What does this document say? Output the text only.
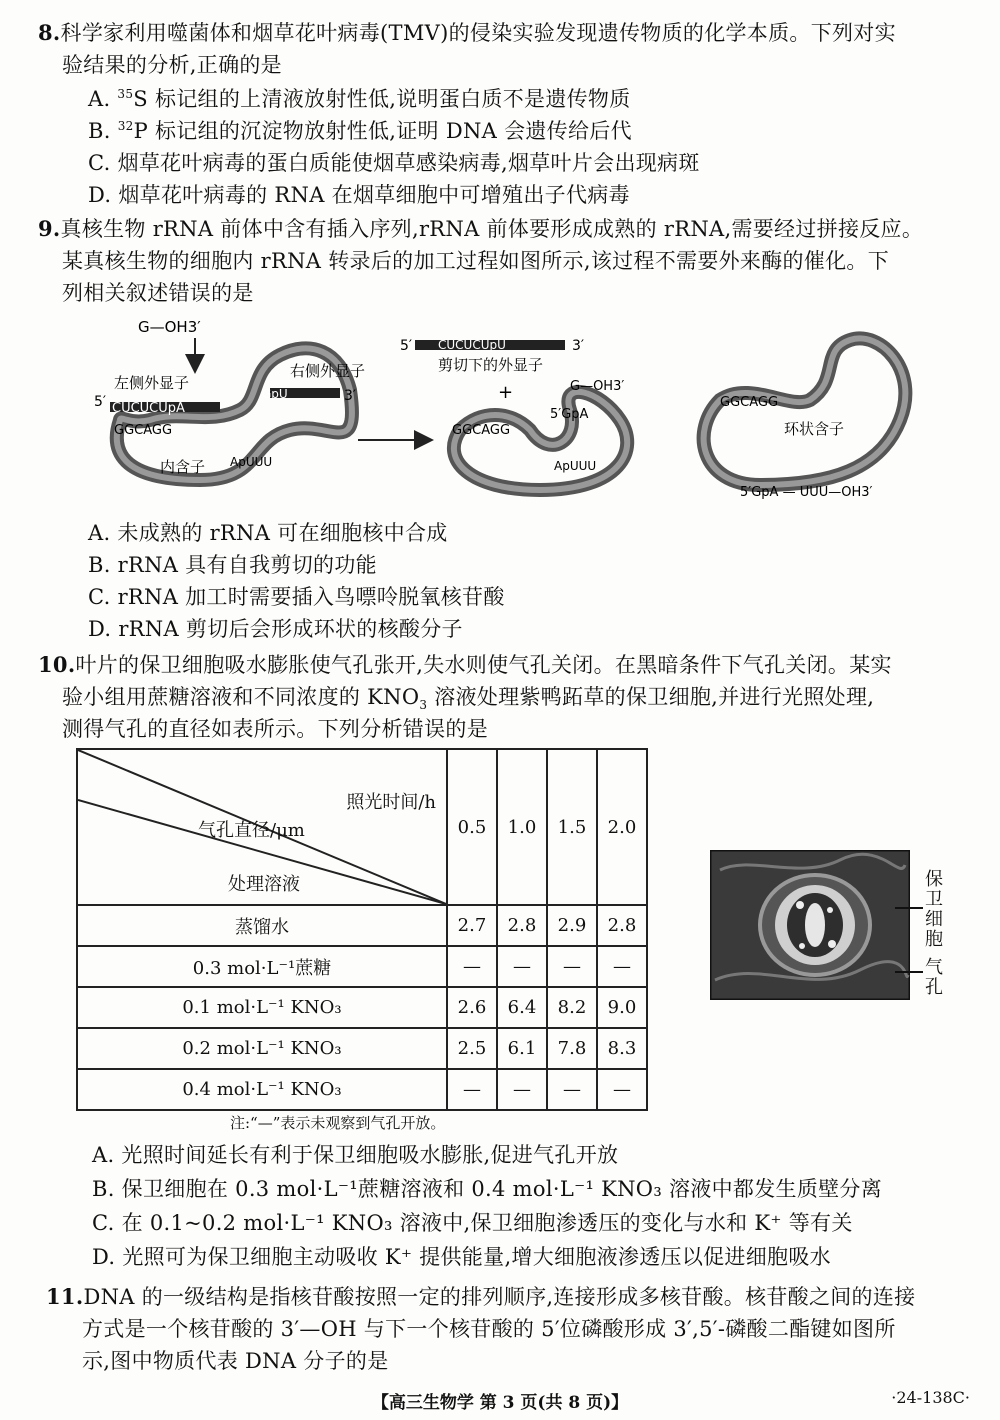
8.科学家利用噬菌体和烟草花叶病毒(TMV)的侵染实验发现遗传物质的化学本质。下列对实
验结果的分析,正确的是
A. $^{35}$S 标记组的上清液放射性低,说明蛋白质不是遗传物质
B. $^{32}$P 标记组的沉淀物放射性低,证明 DNA 会遗传给后代
C. 烟草花叶病毒的蛋白质能使烟草感染病毒,烟草叶片会出现病斑
D. 烟草花叶病毒的 RNA 在烟草细胞中可增殖出子代病毒
9.真核生物 rRNA 前体中含有插入序列,rRNA 前体要形成成熟的 rRNA,需要经过拼接反应。
某真核生物的细胞内 rRNA 转录后的加工过程如图所示,该过程不需要外来酶的催化。下
列相关叙述错误的是
G—OH3′
左侧外显子
右侧外显子
5′	3′
CUCUCUpA
GGCAGG
GpU
内含子 ApUUU
5′	3′
CUCUCUpU
剪切下的外显子
+
GGCAGG
G—OH3′
5′GpA
ApUUU
GGCAGG
环状含子
5′GpA — UUU—OH3′
A. 未成熟的 rRNA 可在细胞核中合成
B. rRNA 具有自我剪切的功能
C. rRNA 加工时需要插入鸟嘌呤脱氧核苷酸
D. rRNA 剪切后会形成环状的核酸分子
10.叶片的保卫细胞吸水膨胀使气孔张开,失水则使气孔关闭。在黑暗条件下气孔关闭。某实
验小组用蔗糖溶液和不同浓度的 $KNO_3$ 溶液处理紫鸭跖草的保卫细胞,并进行光照处理,
测得气孔的直径如表所示。下列分析错误的是
照光时间/h
气孔直径/μm
处理溶液	0.5	1.0	1.5	2.0
蒸馏水	2.7	2.8	2.9	2.8
0.3 mol·L⁻¹蔗糖	—	—	—	—
0.1 mol·L⁻¹ KNO₃	2.6	6.4	8.2	9.0
0.2 mol·L⁻¹ KNO₃	2.5	6.1	7.8	8.3
0.4 mol·L⁻¹ KNO₃	—	—	—	—
注:“—”表示未观察到气孔开放。
保卫细胞
气孔
A. 光照时间延长有利于保卫细胞吸水膨胀,促进气孔开放
B. 保卫细胞在 0.3 mol·L⁻¹蔗糖溶液和 0.4 mol·L⁻¹ KNO₃ 溶液中都发生质壁分离
C. 在 0.1~0.2 mol·L⁻¹ KNO₃ 溶液中,保卫细胞渗透压的变化与水和 K⁺ 等有关
D. 光照可为保卫细胞主动吸收 K⁺ 提供能量,增大细胞液渗透压以促进细胞吸水
11.DNA 的一级结构是指核苷酸按照一定的排列顺序,连接形成多核苷酸。核苷酸之间的连接
方式是一个核苷酸的 3′—OH 与下一个核苷酸的 5′位磷酸形成 3′,5′-磷酸二酯键如图所
示,图中物质代表 DNA 分子的是
【高三生物学 第 3 页(共 8 页)】	·24-138C·
